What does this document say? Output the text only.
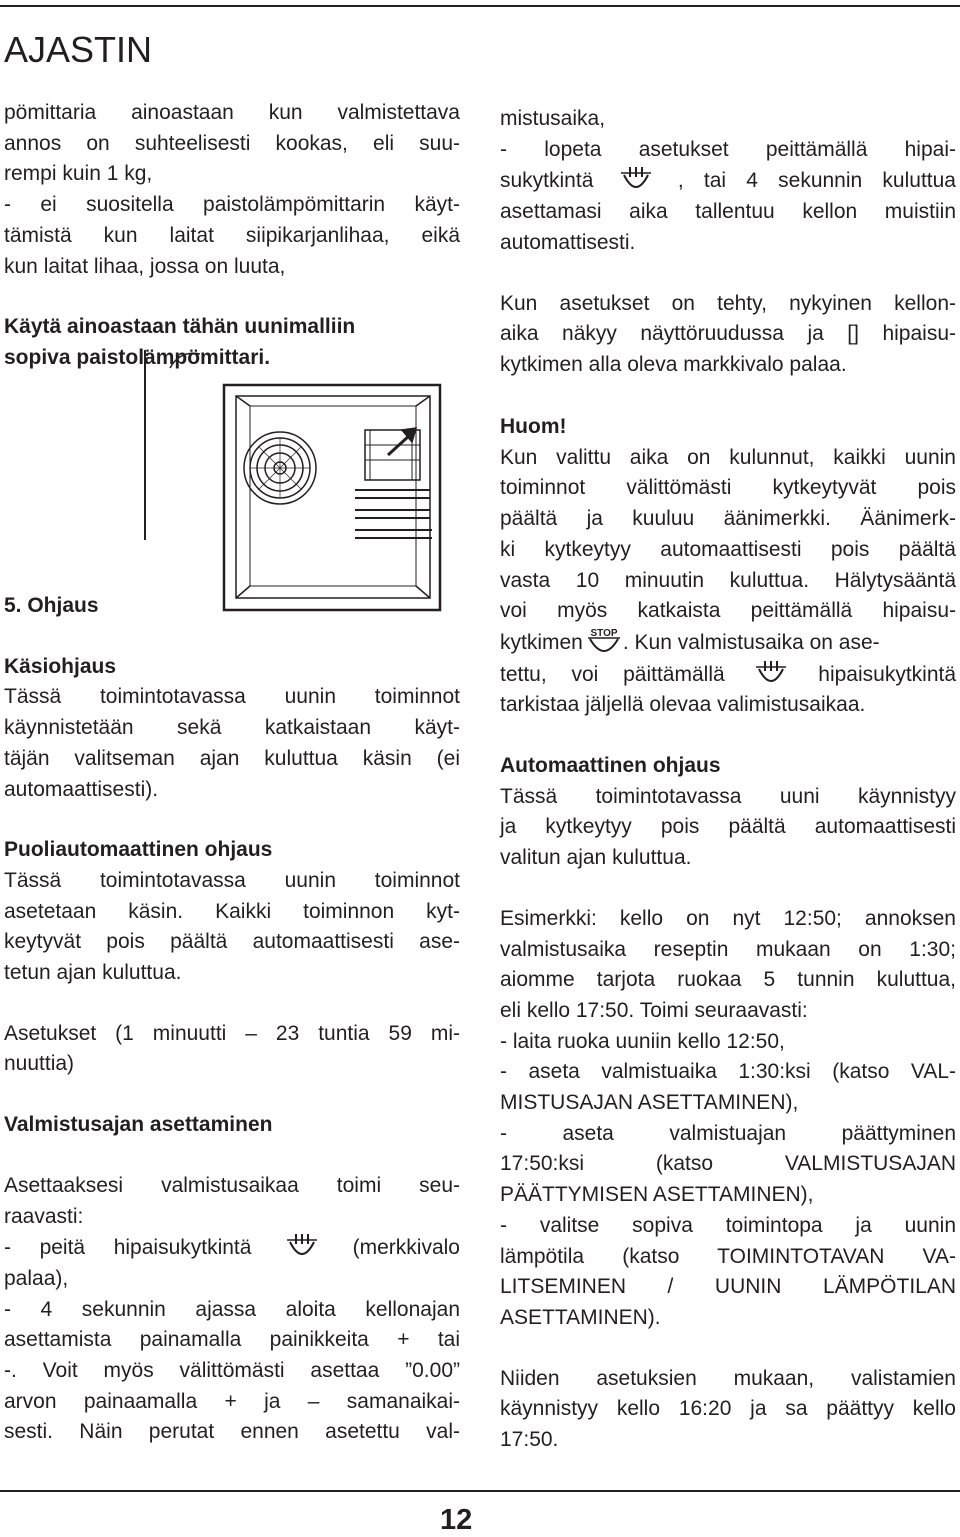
AJASTIN

pömittaria ainoastaan kun valmistettava
annos on suhteelisesti kookas, eli suu-
rempi kuin 1 kg,
- ei suositella paistolämpömittarin käyt-
tämistä kun laitat siipikarjanlihaa, eikä
kun laitat lihaa, jossa on luuta,

Käytä ainoastaan tähän uunimalliin
sopiva paistolämpömittari.

5. Ohjaus

Käsiohjaus

Tässä toimintotavassa uunin toiminnot
käynnistetään sekä katkaistaan käyt-
täjän valitseman ajan kuluttua käsin (ei
automaattisesti).

Puoliautomaattinen ohjaus

Tässä toimintotavassa uunin toiminnot
asetetaan käsin. Kaikki toiminnon kyt-
keytyvät pois päältä automaattisesti ase-
tetun ajan kuluttua.

Asetukset (1 minuutti – 23 tuntia 59 mi-
nuuttia)

Valmistusajan asettaminen

Asettaaksesi valmistusaikaa toimi seu-
raavasti:
- peitä hipaisukytkintä	(merkkivalo
palaa),
- 4 sekunnin ajassa aloita kellonajan
asettamista painamalla painikkeita + tai
-. Voit myös välittömästi asettaa ”0.00”
arvon painaamalla + ja – samanaikai-
sesti. Näin perutat ennen asetettu val-

mistusaika,
- lopeta asetukset peittämällä hipai-
sukytkintä	, tai 4 sekunnin kuluttua
asettamasi aika tallentuu kellon muistiin
automattisesti.

Kun asetukset on tehty, nykyinen kellon-
aika näkyy näyttöruudussa ja [] hipaisu-
kytkimen alla oleva markkivalo palaa.

Huom!

Kun valittu aika on kulunnut, kaikki uunin
toiminnot välittömästi kytkeytyvät pois
päältä ja kuuluu äänimerkki. Äänimerk-
ki kytkeytyy automaattisesti pois päältä
vasta 10 minuutin kuluttua. Hälytysääntä
voi myös katkaista peittämällä hipaisu-
kytkimen STOP . Kun valmistusaika on ase-
tettu, voi päittämällä	hipaisukytkintä
tarkistaa jäljellä olevaa valimistusaikaa.

Automaattinen ohjaus

Tässä toimintotavassa uuni käynnistyy
ja kytkeytyy pois päältä automaattisesti
valitun ajan kuluttua.

Esimerkki: kello on nyt 12:50; annoksen
valmistusaika reseptin mukaan on 1:30;
aiomme tarjota ruokaa 5 tunnin kuluttua,
eli kello 17:50. Toimi seuraavasti:
- laita ruoka uuniin kello 12:50,
- aseta valmistuaika 1:30:ksi (katso VAL-
MISTUSAJAN ASETTAMINEN),
- aseta valmistuajan päättyminen
17:50:ksi (katso VALMISTUSAJAN
PÄÄTTYMISEN ASETTAMINEN),
- valitse sopiva toimintopa ja uunin
lämpötila (katso TOIMINTOTAVAN VA-
LITSEMINEN / UUNIN LÄMPÖTILAN
ASETTAMINEN).

Niiden asetuksien mukaan, valistamien
käynnistyy kello 16:20 ja sa päättyy kello
17:50.

12
